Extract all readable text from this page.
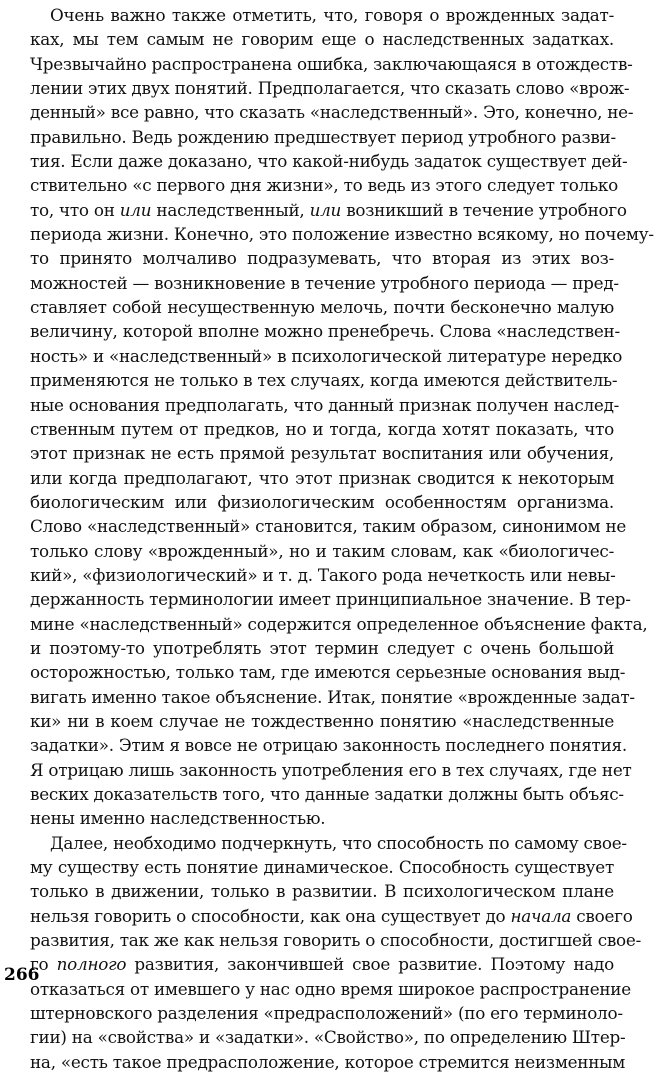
Очень важно также отметить, что, говоря о врожденных задат-
ках, мы тем самым не говорим еще о наследственных задатках.
Чрезвычайно распространена ошибка, заключающаяся в отождеств-
лении этих двух понятий. Предполагается, что сказать слово «врож-
денный» все равно, что сказать «наследственный». Это, конечно, не-
правильно. Ведь рождению предшествует период утробного разви-
тия. Если даже доказано, что какой-нибудь задаток существует дей-
ствительно «с первого дня жизни», то ведь из этого следует только
то, что он или наследственный, или возникший в течение утробного
периода жизни. Конечно, это положение известно всякому, но почему-
то принято молчаливо подразумевать, что вторая из этих воз-
можностей — возникновение в течение утробного периода — пред-
ставляет собой несущественную мелочь, почти бесконечно малую
величину, которой вполне можно пренебречь. Слова «наследствен-
ность» и «наследственный» в психологической литературе нередко
применяются не только в тех случаях, когда имеются действитель-
ные основания предполагать, что данный признак получен наслед-
ственным путем от предков, но и тогда, когда хотят показать, что
этот признак не есть прямой результат воспитания или обучения,
или когда предполагают, что этот признак сводится к некоторым
биологическим или физиологическим особенностям организма.
Слово «наследственный» становится, таким образом, синонимом не
только слову «врожденный», но и таким словам, как «биологичес-
кий», «физиологический» и т. д. Такого рода нечеткость или невы-
держанность терминологии имеет принципиальное значение. В тер-
мине «наследственный» содержится определенное объяснение факта,
и поэтому-то употреблять этот термин следует с очень большой
осторожностью, только там, где имеются серьезные основания выд-
вигать именно такое объяснение. Итак, понятие «врожденные задат-
ки» ни в коем случае не тождественно понятию «наследственные
задатки». Этим я вовсе не отрицаю законность последнего понятия.
Я отрицаю лишь законность употребления его в тех случаях, где нет
веских доказательств того, что данные задатки должны быть объяс-
нены именно наследственностью.
Далее, необходимо подчеркнуть, что способность по самому свое-
му существу есть понятие динамическое. Способность существует
только в движении, только в развитии. В психологическом плане
нельзя говорить о способности, как она существует до начала своего
развития, так же как нельзя говорить о способности, достигшей свое-
го полного развития, закончившей свое развитие. Поэтому надо
отказаться от имевшего у нас одно время широкое распространение
штерновского разделения «предрасположений» (по его терминоло-
гии) на «свойства» и «задатки». «Свойство», по определению Штер-
на, «есть такое предрасположение, которое стремится неизменным
266
